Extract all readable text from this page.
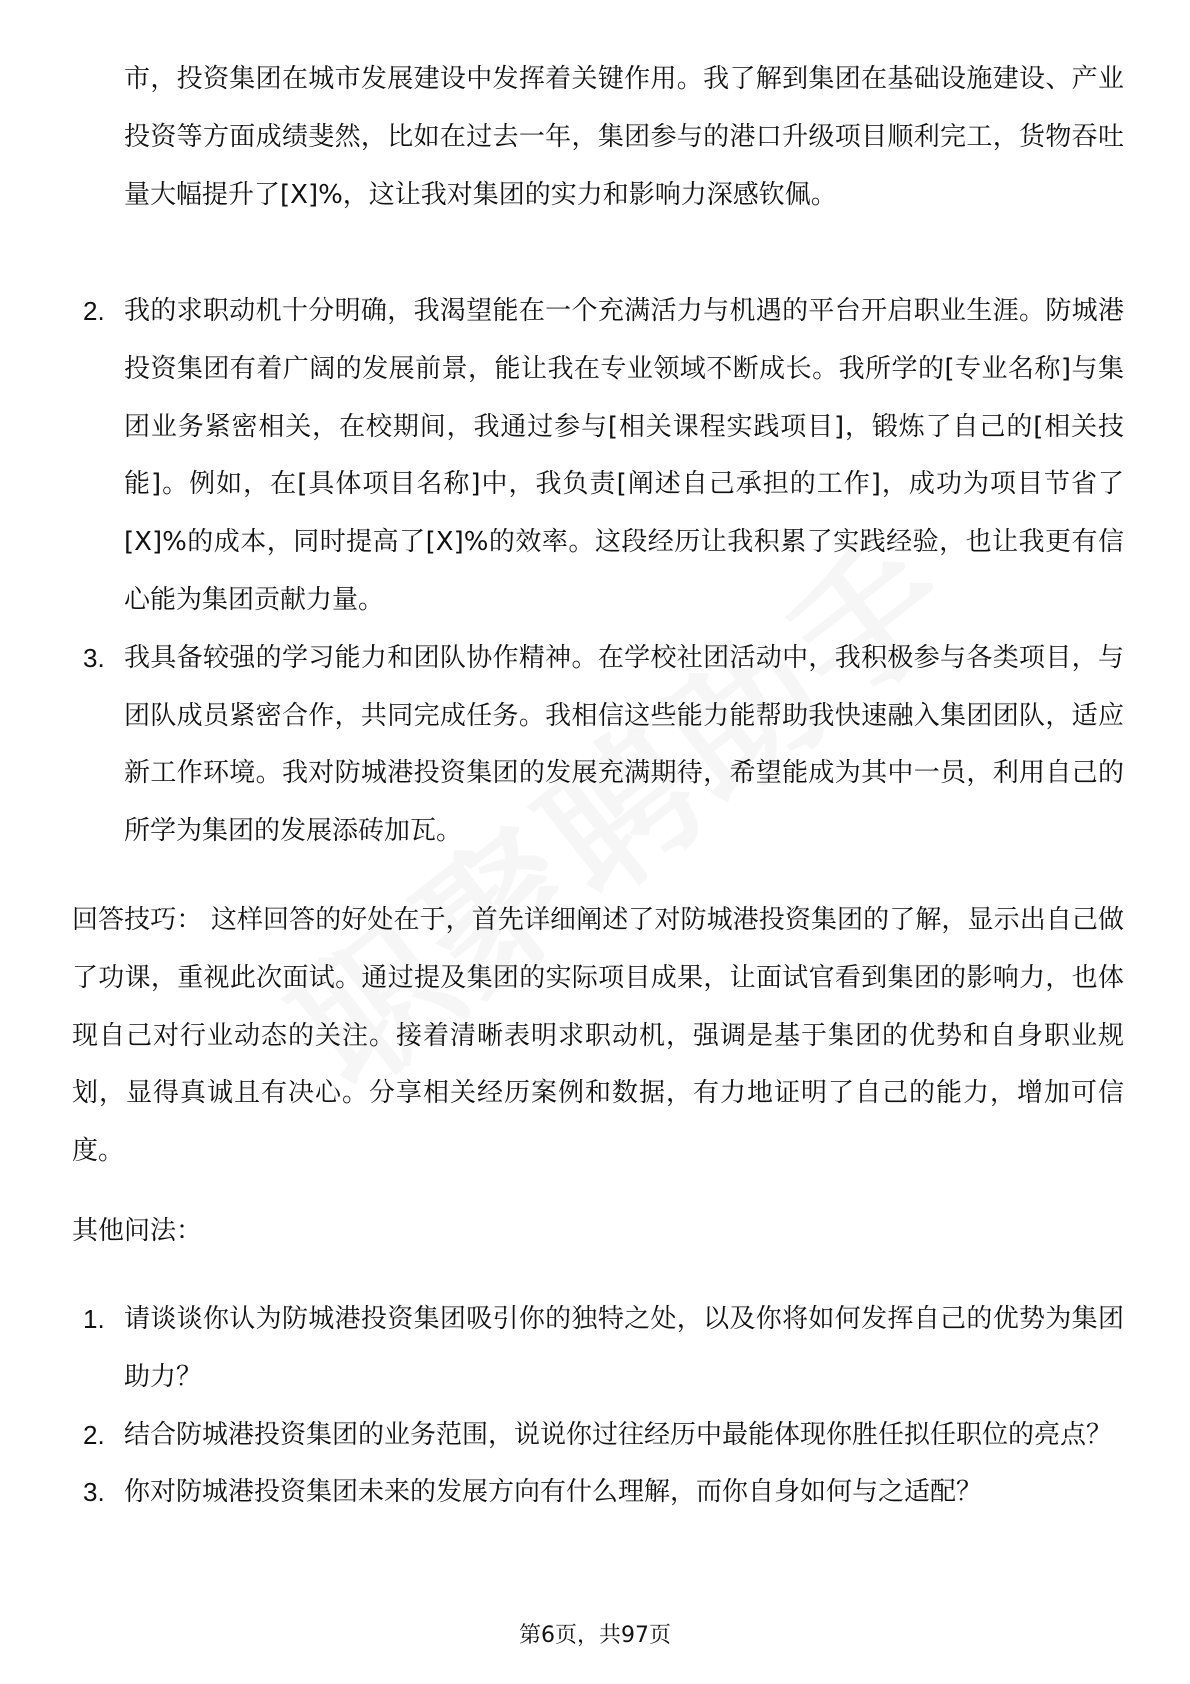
市，投资集团在城市发展建设中发挥着关键作用。我了解到集团在基础设施建设、产业投资等方面成绩斐然，比如在过去一年，集团参与的港口升级项目顺利完工，货物吞吐量大幅提升了[X]%，这让我对集团的实力和影响力深感钦佩。
2. 我的求职动机十分明确，我渴望能在一个充满活力与机遇的平台开启职业生涯。防城港投资集团有着广阔的发展前景，能让我在专业领域不断成长。我所学的[专业名称]与集团业务紧密相关，在校期间，我通过参与[相关课程实践项目]，锻炼了自己的[相关技能]。例如，在[具体项目名称]中，我负责[阐述自己承担的工作]，成功为项目节省了[X]%的成本，同时提高了[X]%的效率。这段经历让我积累了实践经验，也让我更有信心能为集团贡献力量。
3. 我具备较强的学习能力和团队协作精神。在学校社团活动中，我积极参与各类项目，与团队成员紧密合作，共同完成任务。我相信这些能力能帮助我快速融入集团团队，适应新工作环境。我对防城港投资集团的发展充满期待，希望能成为其中一员，利用自己的所学为集团的发展添砖加瓦。

回答技巧： 这样回答的好处在于，首先详细阐述了对防城港投资集团的了解，显示出自己做了功课，重视此次面试。通过提及集团的实际项目成果，让面试官看到集团的影响力，也体现自己对行业动态的关注。接着清晰表明求职动机，强调是基于集团的优势和自身职业规划，显得真诚且有决心。分享相关经历案例和数据，有力地证明了自己的能力，增加可信度。

其他问法：

1. 请谈谈你认为防城港投资集团吸引你的独特之处，以及你将如何发挥自己的优势为集团助力？
2. 结合防城港投资集团的业务范围，说说你过往经历中最能体现你胜任拟任职位的亮点？
3. 你对防城港投资集团未来的发展方向有什么理解，而你自身如何与之适配？
第6页，共97页
